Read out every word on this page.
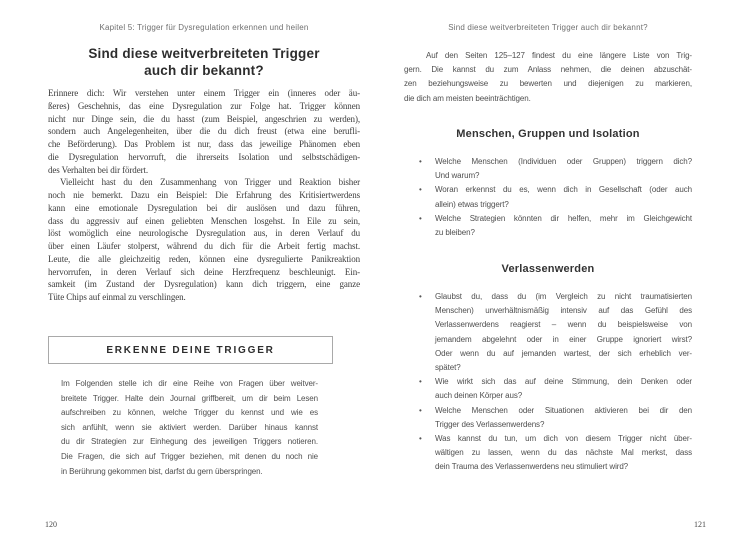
Kapitel 5: Trigger für Dysregulation erkennen und heilen
Sind diese weitverbreiteten Trigger
auch dir bekannt?
Erinnere dich: Wir verstehen unter einem Trigger ein (inneres oder äu-
ßeres) Geschehnis, das eine Dysregulation zur Folge hat. Trigger können
nicht nur Dinge sein, die du hasst (zum Beispiel, angeschrien zu werden),
sondern auch Angelegenheiten, über die du dich freust (etwa eine berufli-
che Beförderung). Das Problem ist nur, dass das jeweilige Phänomen eben
die Dysregulation hervorruft, die ihrerseits Isolation und selbstschädigen-
des Verhalten bei dir fördert.
Vielleicht hast du den Zusammenhang von Trigger und Reaktion bisher
noch nie bemerkt. Dazu ein Beispiel: Die Erfahrung des Kritisiertwerdens
kann eine emotionale Dysregulation bei dir auslösen und dazu führen,
dass du aggressiv auf einen geliebten Menschen losgehst. In Eile zu sein,
löst womöglich eine neurologische Dysregulation aus, in deren Verlauf du
über einen Läufer stolperst, während du dich für die Arbeit fertig machst.
Leute, die alle gleichzeitig reden, können eine dysregulierte Panikreaktion
hervorrufen, in deren Verlauf sich deine Herzfrequenz beschleunigt. Ein-
samkeit (im Zustand der Dysregulation) kann dich triggern, eine ganze
Tüte Chips auf einmal zu verschlingen.
ERKENNE DEINE TRIGGER
Im Folgenden stelle ich dir eine Reihe von Fragen über weitver-
breitete Trigger. Halte dein Journal griffbereit, um dir beim Lesen
aufschreiben zu können, welche Trigger du kennst und wie es
sich anfühlt, wenn sie aktiviert werden. Darüber hinaus kannst
du dir Strategien zur Einhegung des jeweiligen Triggers notieren.
Die Fragen, die sich auf Trigger beziehen, mit denen du noch nie
in Berührung gekommen bist, darfst du gern überspringen.
120
Sind diese weitverbreiteten Trigger auch dir bekannt?
Auf den Seiten 125–127 findest du eine längere Liste von Trig-
gern. Die kannst du zum Anlass nehmen, die deinen abzuschät-
zen beziehungsweise zu bewerten und diejenigen zu markieren,
die dich am meisten beeinträchtigen.
Menschen, Gruppen und Isolation
•	Welche Menschen (Individuen oder Gruppen) triggern dich?
Und warum?
•	Woran erkennst du es, wenn dich in Gesellschaft (oder auch
allein) etwas triggert?
•	Welche Strategien könnten dir helfen, mehr im Gleichgewicht
zu bleiben?
Verlassenwerden
•	Glaubst du, dass du (im Vergleich zu nicht traumatisierten
Menschen) unverhältnismäßig intensiv auf das Gefühl des
Verlassenwerdens reagierst – wenn du beispielsweise von
jemandem abgelehnt oder in einer Gruppe ignoriert wirst?
Oder wenn du auf jemanden wartest, der sich erheblich ver-
spätet?
•	Wie wirkt sich das auf deine Stimmung, dein Denken oder
auch deinen Körper aus?
•	Welche Menschen oder Situationen aktivieren bei dir den
Trigger des Verlassenwerdens?
•	Was kannst du tun, um dich von diesem Trigger nicht über-
wältigen zu lassen, wenn du das nächste Mal merkst, dass
dein Trauma des Verlassenwerdens neu stimuliert wird?
121
